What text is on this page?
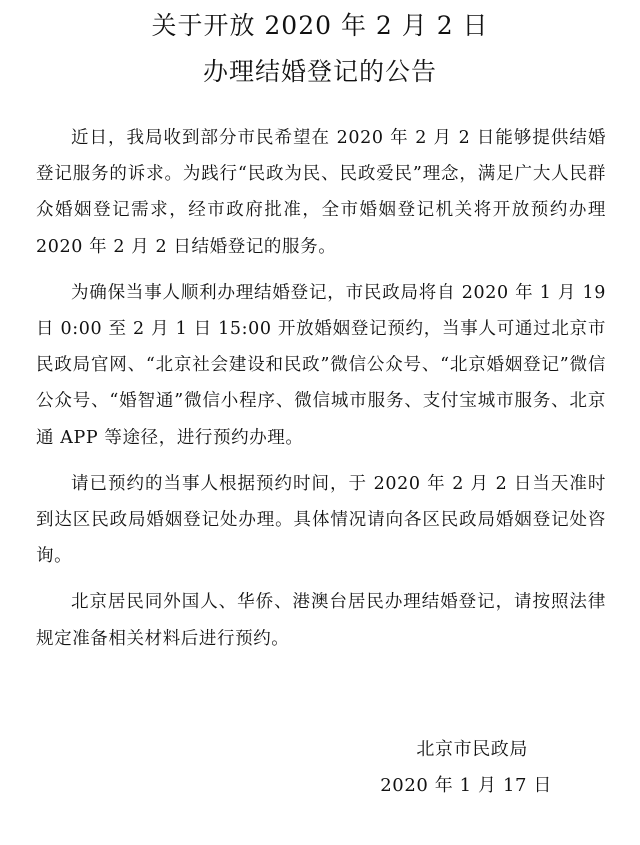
关于开放 2020 年 2 月 2 日
办理结婚登记的公告

近日，我局收到部分市民希望在 2020 年 2 月 2 日能够提供结婚登记服务的诉求。为践行“民政为民、民政爱民”理念，满足广大人民群众婚姻登记需求，经市政府批准，全市婚姻登记机关将开放预约办理 2020 年 2 月 2 日结婚登记的服务。

为确保当事人顺利办理结婚登记，市民政局将自 2020 年 1 月 19 日 0:00 至 2 月 1 日 15:00 开放婚姻登记预约，当事人可通过北京市民政局官网、“北京社会建设和民政”微信公众号、“北京婚姻登记”微信公众号、“婚智通”微信小程序、微信城市服务、支付宝城市服务、北京通 APP 等途径，进行预约办理。

请已预约的当事人根据预约时间，于 2020 年 2 月 2 日当天准时到达区民政局婚姻登记处办理。具体情况请向各区民政局婚姻登记处咨询。

北京居民同外国人、华侨、港澳台居民办理结婚登记，请按照法律规定准备相关材料后进行预约。

北京市民政局
2020 年 1 月 17 日
